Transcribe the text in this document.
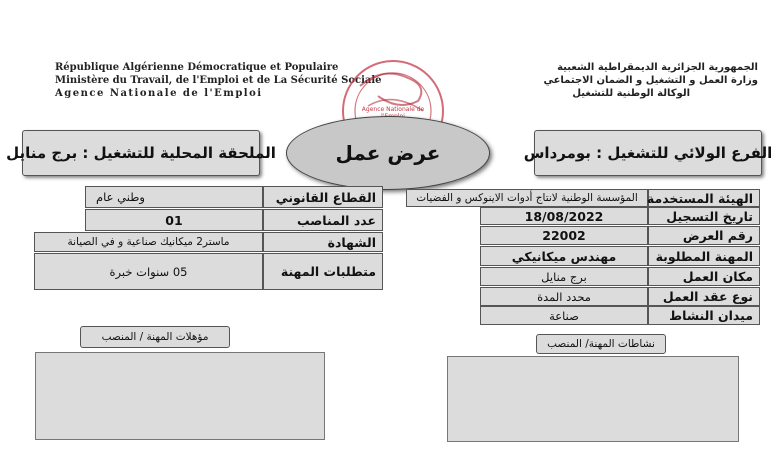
République Algérienne Démocratique et Populaire
Ministère du Travail, de l'Emploi et de La Sécurité Sociale
Agence Nationale de l'Emploi
الجمهورية الجزائرية الديمقراطية الشعبية
وزارة العمل و التشغيل و الضمان الاجتماعي
الوكالة الوطنية للتشغيل
Agence Nationale de
عرض عمل
الملحقة المحلية للتشغيل : برج منايل	الفرع الولائي للتشغيل : بومرداس
المؤسسة الوطنية لانتاج أدوات الاينوكس و الفضيات الهيئة المستخدمة
18/08/2022	تاريخ التسجيل
22002	رقم العرض
مهندس ميكانيكي	المهنة المطلوبة
برج منايل	مكان العمل
محدد المدة	نوع عقد العمل
صناعة	ميدان النشاط
وطني عام	القطاع القانوني
01	عدد المناصب
ماستر2 ميكانيك صناعية و في الصيانة	الشهادة
05 سنوات خبرة	متطلبات المهنة
مؤهلات المهنة / المنصب
نشاطات المهنة/ المنصب
